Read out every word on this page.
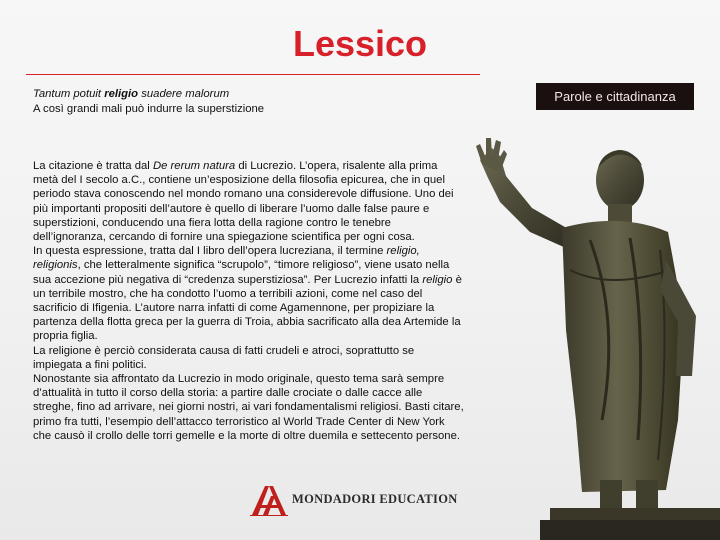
Lessico
Tantum potuit religio suadere malorum
A così grandi mali può indurre la superstizione

La citazione è tratta dal De rerum natura di Lucrezio. L’opera, risalente alla prima metà del I secolo a.C., contiene un’esposizione della filosofia epicurea, che in quel periodo stava conoscendo nel mondo romano una considerevole diffusione. Uno dei più importanti propositi dell’autore è quello di liberare l’uomo dalle false paure e superstizioni, conducendo una fiera lotta della ragione contro le tenebre dell’ignoranza, cercando di fornire una spiegazione scientifica per ogni cosa.

In questa espressione, tratta dal I libro dell’opera lucreziana, il termine religio, religionis, che letteralmente significa “scrupolo”, “timore religioso”, viene usato nella sua accezione più negativa di “credenza superstiziosa”. Per Lucrezio infatti la religio è un terribile mostro, che ha condotto l’uomo a terribili azioni, come nel caso del sacrificio di Ifigenia. L’autore narra infatti di come Agamennone, per propiziare la partenza della flotta greca per la guerra di Troia, abbia sacrificato alla dea Artemide la propria figlia.

La religione è perciò considerata causa di fatti crudeli e atroci, soprattutto se impiegata a fini politici.

Nonostante sia affrontato da Lucrezio in modo originale, questo tema sarà sempre d’attualità in tutto il corso della storia: a partire dalle crociate o dalle cacce alle streghe, fino ad arrivare, nei giorni nostri, ai vari fondamentalismi religiosi. Basti citare, primo fra tutti, l’esempio dell’attacco terroristico al World Trade Center di New York che causò il crollo delle torri gemelle e la morte di oltre duemila e settecento persone.

Parole e cittadinanza
MONDADORI EDUCATION
